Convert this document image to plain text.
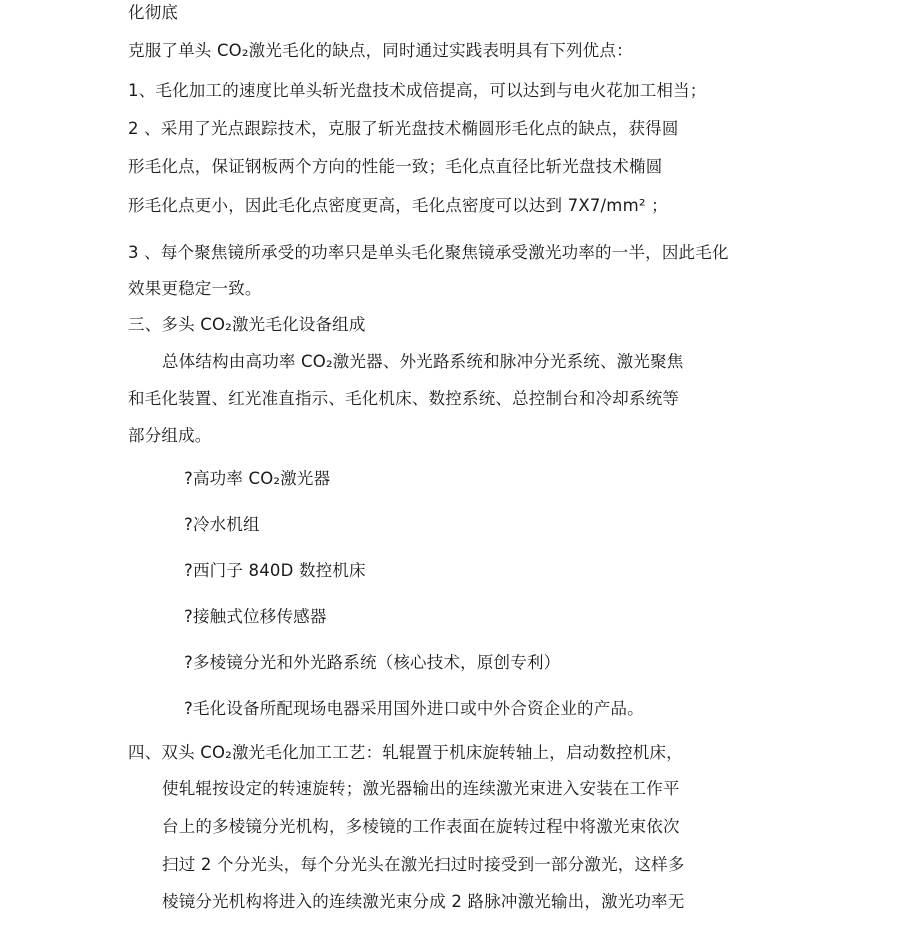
化彻底
克服了单头 CO₂激光毛化的缺点，同时通过实践表明具有下列优点：
1、毛化加工的速度比单头斩光盘技术成倍提高，可以达到与电火花加工相当；
2 、采用了光点跟踪技术，克服了斩光盘技术椭圆形毛化点的缺点，获得圆
形毛化点，保证钢板两个方向的性能一致；毛化点直径比斩光盘技术椭圆
形毛化点更小，因此毛化点密度更高，毛化点密度可以达到 7X7/mm² ；
3 、每个聚焦镜所承受的功率只是单头毛化聚焦镜承受激光功率的一半，因此毛化
效果更稳定一致。
三、多头 CO₂激光毛化设备组成
总体结构由高功率 CO₂激光器、外光路系统和脉冲分光系统、激光聚焦
和毛化装置、红光准直指示、毛化机床、数控系统、总控制台和冷却系统等
部分组成。
?高功率 CO₂激光器
?冷水机组
?西门子 840D 数控机床
?接触式位移传感器
?多棱镜分光和外光路系统（核心技术，原创专利）
?毛化设备所配现场电器采用国外进口或中外合资企业的产品。
四、双头 CO₂激光毛化加工工艺：轧辊置于机床旋转轴上，启动数控机床，
使轧辊按设定的转速旋转；激光器输出的连续激光束进入安装在工作平
台上的多棱镜分光机构，多棱镜的工作表面在旋转过程中将激光束依次
扫过 2 个分光头，每个分光头在激光扫过时接受到一部分激光，这样多
棱镜分光机构将进入的连续激光束分成 2 路脉冲激光输出，激光功率无
